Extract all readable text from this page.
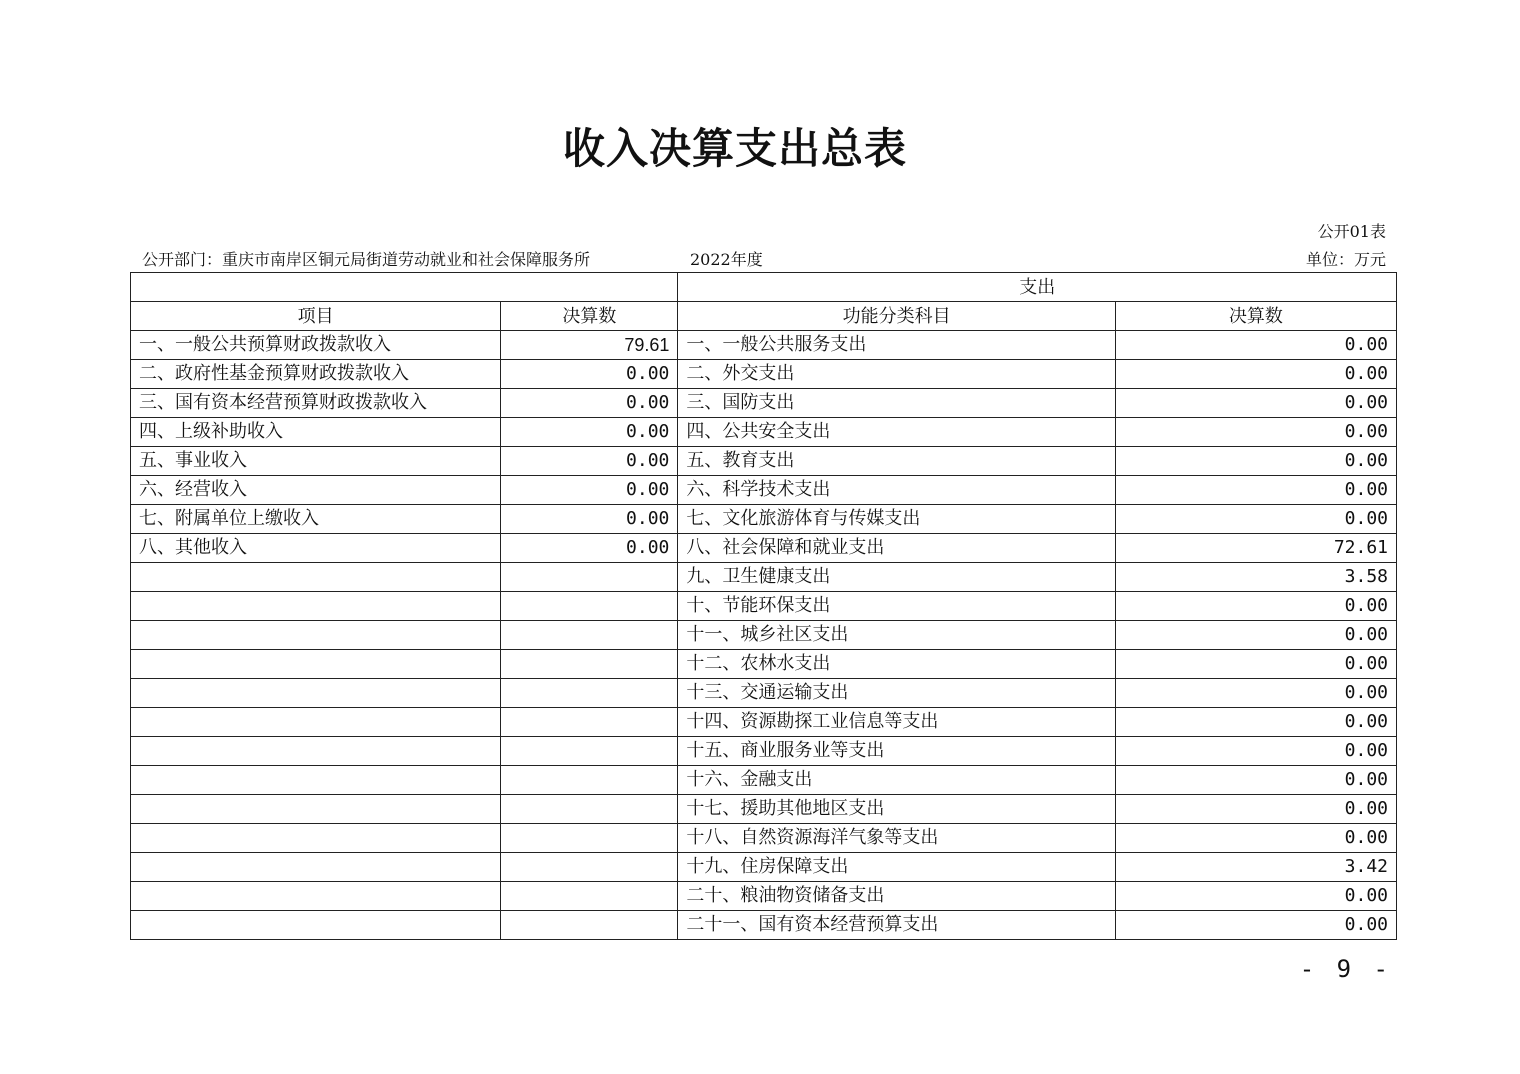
收入决算支出总表
公开01表
公开部门：重庆市南岸区铜元局街道劳动就业和社会保障服务所	2022年度	单位：万元
		支出	
项目	决算数	功能分类科目	决算数
一、一般公共预算财政拨款收入	79.61	一、一般公共服务支出	0.00
二、政府性基金预算财政拨款收入	0.00	二、外交支出	0.00
三、国有资本经营预算财政拨款收入	0.00	三、国防支出	0.00
四、上级补助收入	0.00	四、公共安全支出	0.00
五、事业收入	0.00	五、教育支出	0.00
六、经营收入	0.00	六、科学技术支出	0.00
七、附属单位上缴收入	0.00	七、文化旅游体育与传媒支出	0.00
八、其他收入	0.00	八、社会保障和就业支出	72.61
		九、卫生健康支出	3.58
		十、节能环保支出	0.00
		十一、城乡社区支出	0.00
		十二、农林水支出	0.00
		十三、交通运输支出	0.00
		十四、资源勘探工业信息等支出	0.00
		十五、商业服务业等支出	0.00
		十六、金融支出	0.00
		十七、援助其他地区支出	0.00
		十八、自然资源海洋气象等支出	0.00
		十九、住房保障支出	3.42
		二十、粮油物资储备支出	0.00
		二十一、国有资本经营预算支出	0.00
- 9 -
